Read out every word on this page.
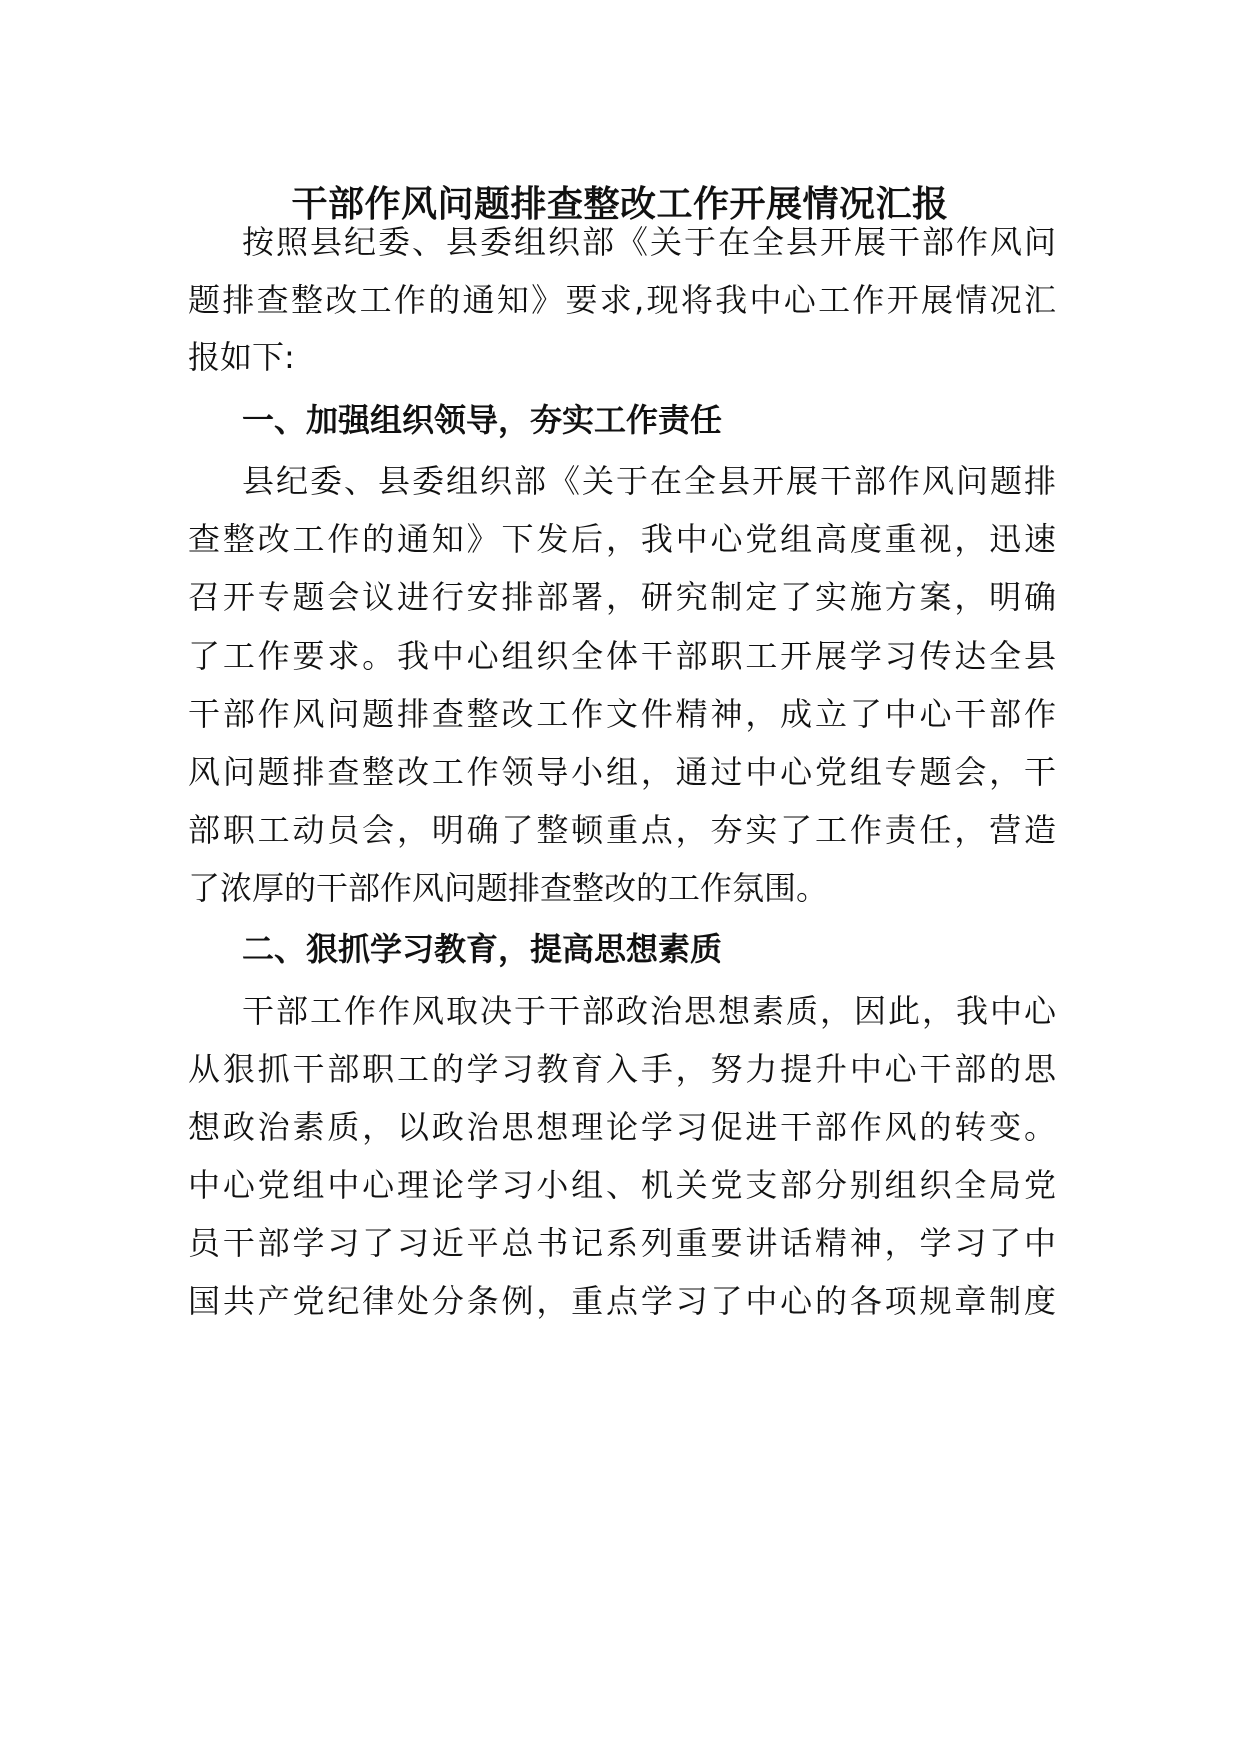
干部作风问题排查整改工作开展情况汇报
按照县纪委、县委组织部《关于在全县开展干部作风问
题排查整改工作的通知》要求,现将我中心工作开展情况汇
报如下:
一、加强组织领导，夯实工作责任
县纪委、县委组织部《关于在全县开展干部作风问题排
查整改工作的通知》下发后，我中心党组高度重视，迅速
召开专题会议进行安排部署，研究制定了实施方案，明确
了工作要求。我中心组织全体干部职工开展学习传达全县
干部作风问题排查整改工作文件精神，成立了中心干部作
风问题排查整改工作领导小组，通过中心党组专题会，干
部职工动员会，明确了整顿重点，夯实了工作责任，营造
了浓厚的干部作风问题排查整改的工作氛围。
二、狠抓学习教育，提高思想素质
干部工作作风取决于干部政治思想素质，因此，我中心
从狠抓干部职工的学习教育入手，努力提升中心干部的思
想政治素质，以政治思想理论学习促进干部作风的转变。
中心党组中心理论学习小组、机关党支部分别组织全局党
员干部学习了习近平总书记系列重要讲话精神，学习了中
国共产党纪律处分条例，重点学习了中心的各项规章制度
